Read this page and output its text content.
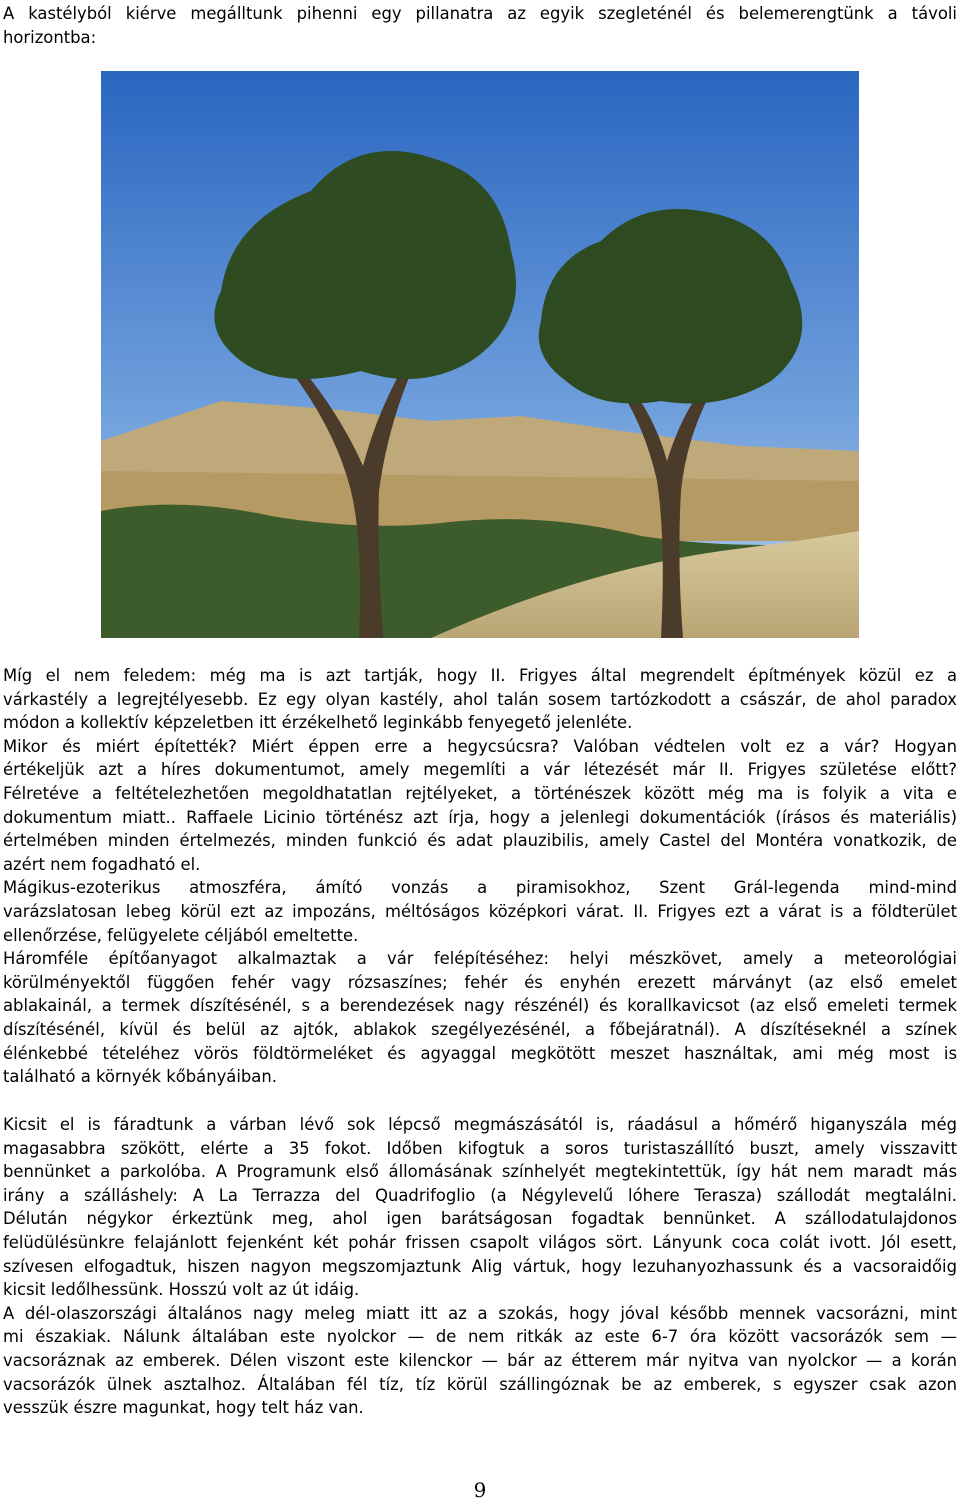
A kastélyból kiérve megálltunk pihenni egy pillanatra az egyik szegleténél és belemerengtünk a távoli
horizontba:
Míg el nem feledem: még ma is azt tartják, hogy II. Frigyes által megrendelt építmények közül ez a
várkastély a legrejtélyesebb. Ez egy olyan kastély, ahol talán sosem tartózkodott a császár, de ahol paradox
módon a kollektív képzeletben itt érzékelhető leginkább fenyegető jelenléte.
Mikor és miért építették? Miért éppen erre a hegycsúcsra? Valóban védtelen volt ez a vár? Hogyan
értékeljük azt a híres dokumentumot, amely megemlíti a vár létezését már II. Frigyes születése előtt?
Félretéve a feltételezhetően megoldhatatlan rejtélyeket, a történészek között még ma is folyik a vita e
dokumentum miatt.. Raffaele Licinio történész azt írja, hogy a jelenlegi dokumentációk (írásos és materiális)
értelmében minden értelmezés, minden funkció és adat plauzibilis, amely Castel del Montéra vonatkozik, de
azért nem fogadható el.
Mágikus-ezoterikus atmoszféra, ámító vonzás a piramisokhoz, Szent Grál-legenda mind-mind
varázslatosan lebeg körül ezt az impozáns, méltóságos középkori várat. II. Frigyes ezt a várat is a földterület
ellenőrzése, felügyelete céljából emeltette.
Háromféle építőanyagot alkalmaztak a vár felépítéséhez: helyi mészkövet, amely a meteorológiai
körülményektől függően fehér vagy rózsaszínes; fehér és enyhén erezett márványt (az első emelet
ablakainál, a termek díszítésénél, s a berendezések nagy részénél) és korallkavicsot (az első emeleti termek
díszítésénél, kívül és belül az ajtók, ablakok szegélyezésénél, a főbejáratnál). A díszítéseknél a színek
élénkebbé tételéhez vörös földtörmeléket és agyaggal megkötött meszet használtak, ami még most is
található a környék kőbányáiban.
Kicsit el is fáradtunk a várban lévő sok lépcső megmászásától is, ráadásul a hőmérő higanyszála még
magasabbra szökött, elérte a 35 fokot. Időben kifogtuk a soros turistaszállító buszt, amely visszavitt
bennünket a parkolóba. A Programunk első állomásának színhelyét megtekintettük, így hát nem maradt más
irány a szálláshely: A La Terrazza del Quadrifoglio (a Négylevelű lóhere Terasza) szállodát megtalálni.
Délután négykor érkeztünk meg, ahol igen barátságosan fogadtak bennünket. A szállodatulajdonos
felüdülésünkre felajánlott fejenként két pohár frissen csapolt világos sört. Lányunk coca colát ivott. Jól esett,
szívesen elfogadtuk, hiszen nagyon megszomjaztunk Alig vártuk, hogy lezuhanyozhassunk és a vacsoraidőig
kicsit ledőlhessünk. Hosszú volt az út idáig.
A dél-olaszországi általános nagy meleg miatt itt az a szokás, hogy jóval később mennek vacsorázni, mint
mi északiak. Nálunk általában este nyolckor — de nem ritkák az este 6-7 óra között vacsorázók sem —
vacsoráznak az emberek. Délen viszont este kilenckor — bár az étterem már nyitva van nyolckor — a korán
vacsorázók ülnek asztalhoz. Általában fél tíz, tíz körül szállingóznak be az emberek, s egyszer csak azon
vesszük észre magunkat, hogy telt ház van.
9
